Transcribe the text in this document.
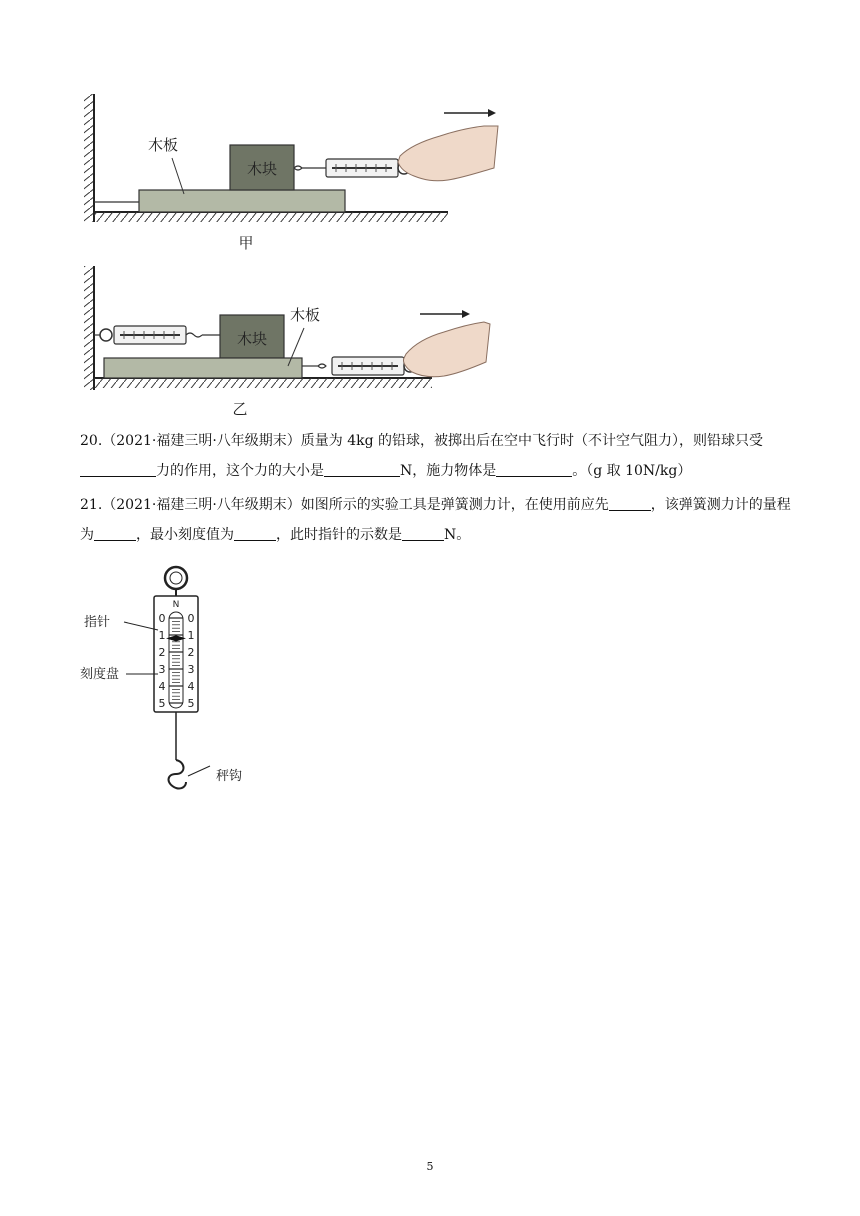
木块
木板
甲
木块
木板
乙

20.（2021·福建三明·八年级期末）质量为 4kg 的铅球，被掷出后在空中飞行时（不计空气阻力），则铅球只受力的作用，这个力的大小是	N，施力物体是	。（g 取 10N/kg）

21.（2021·福建三明·八年级期末）如图所示的实验工具是弹簧测力计，在使用前应先	，该弹簧测力计的量程为	，最小刻度值为	，此时指针的示数是	N。

N
0
1
2
3
4
5
0
1
2
3
4
5
指针
刻度盘
秤钩
5
